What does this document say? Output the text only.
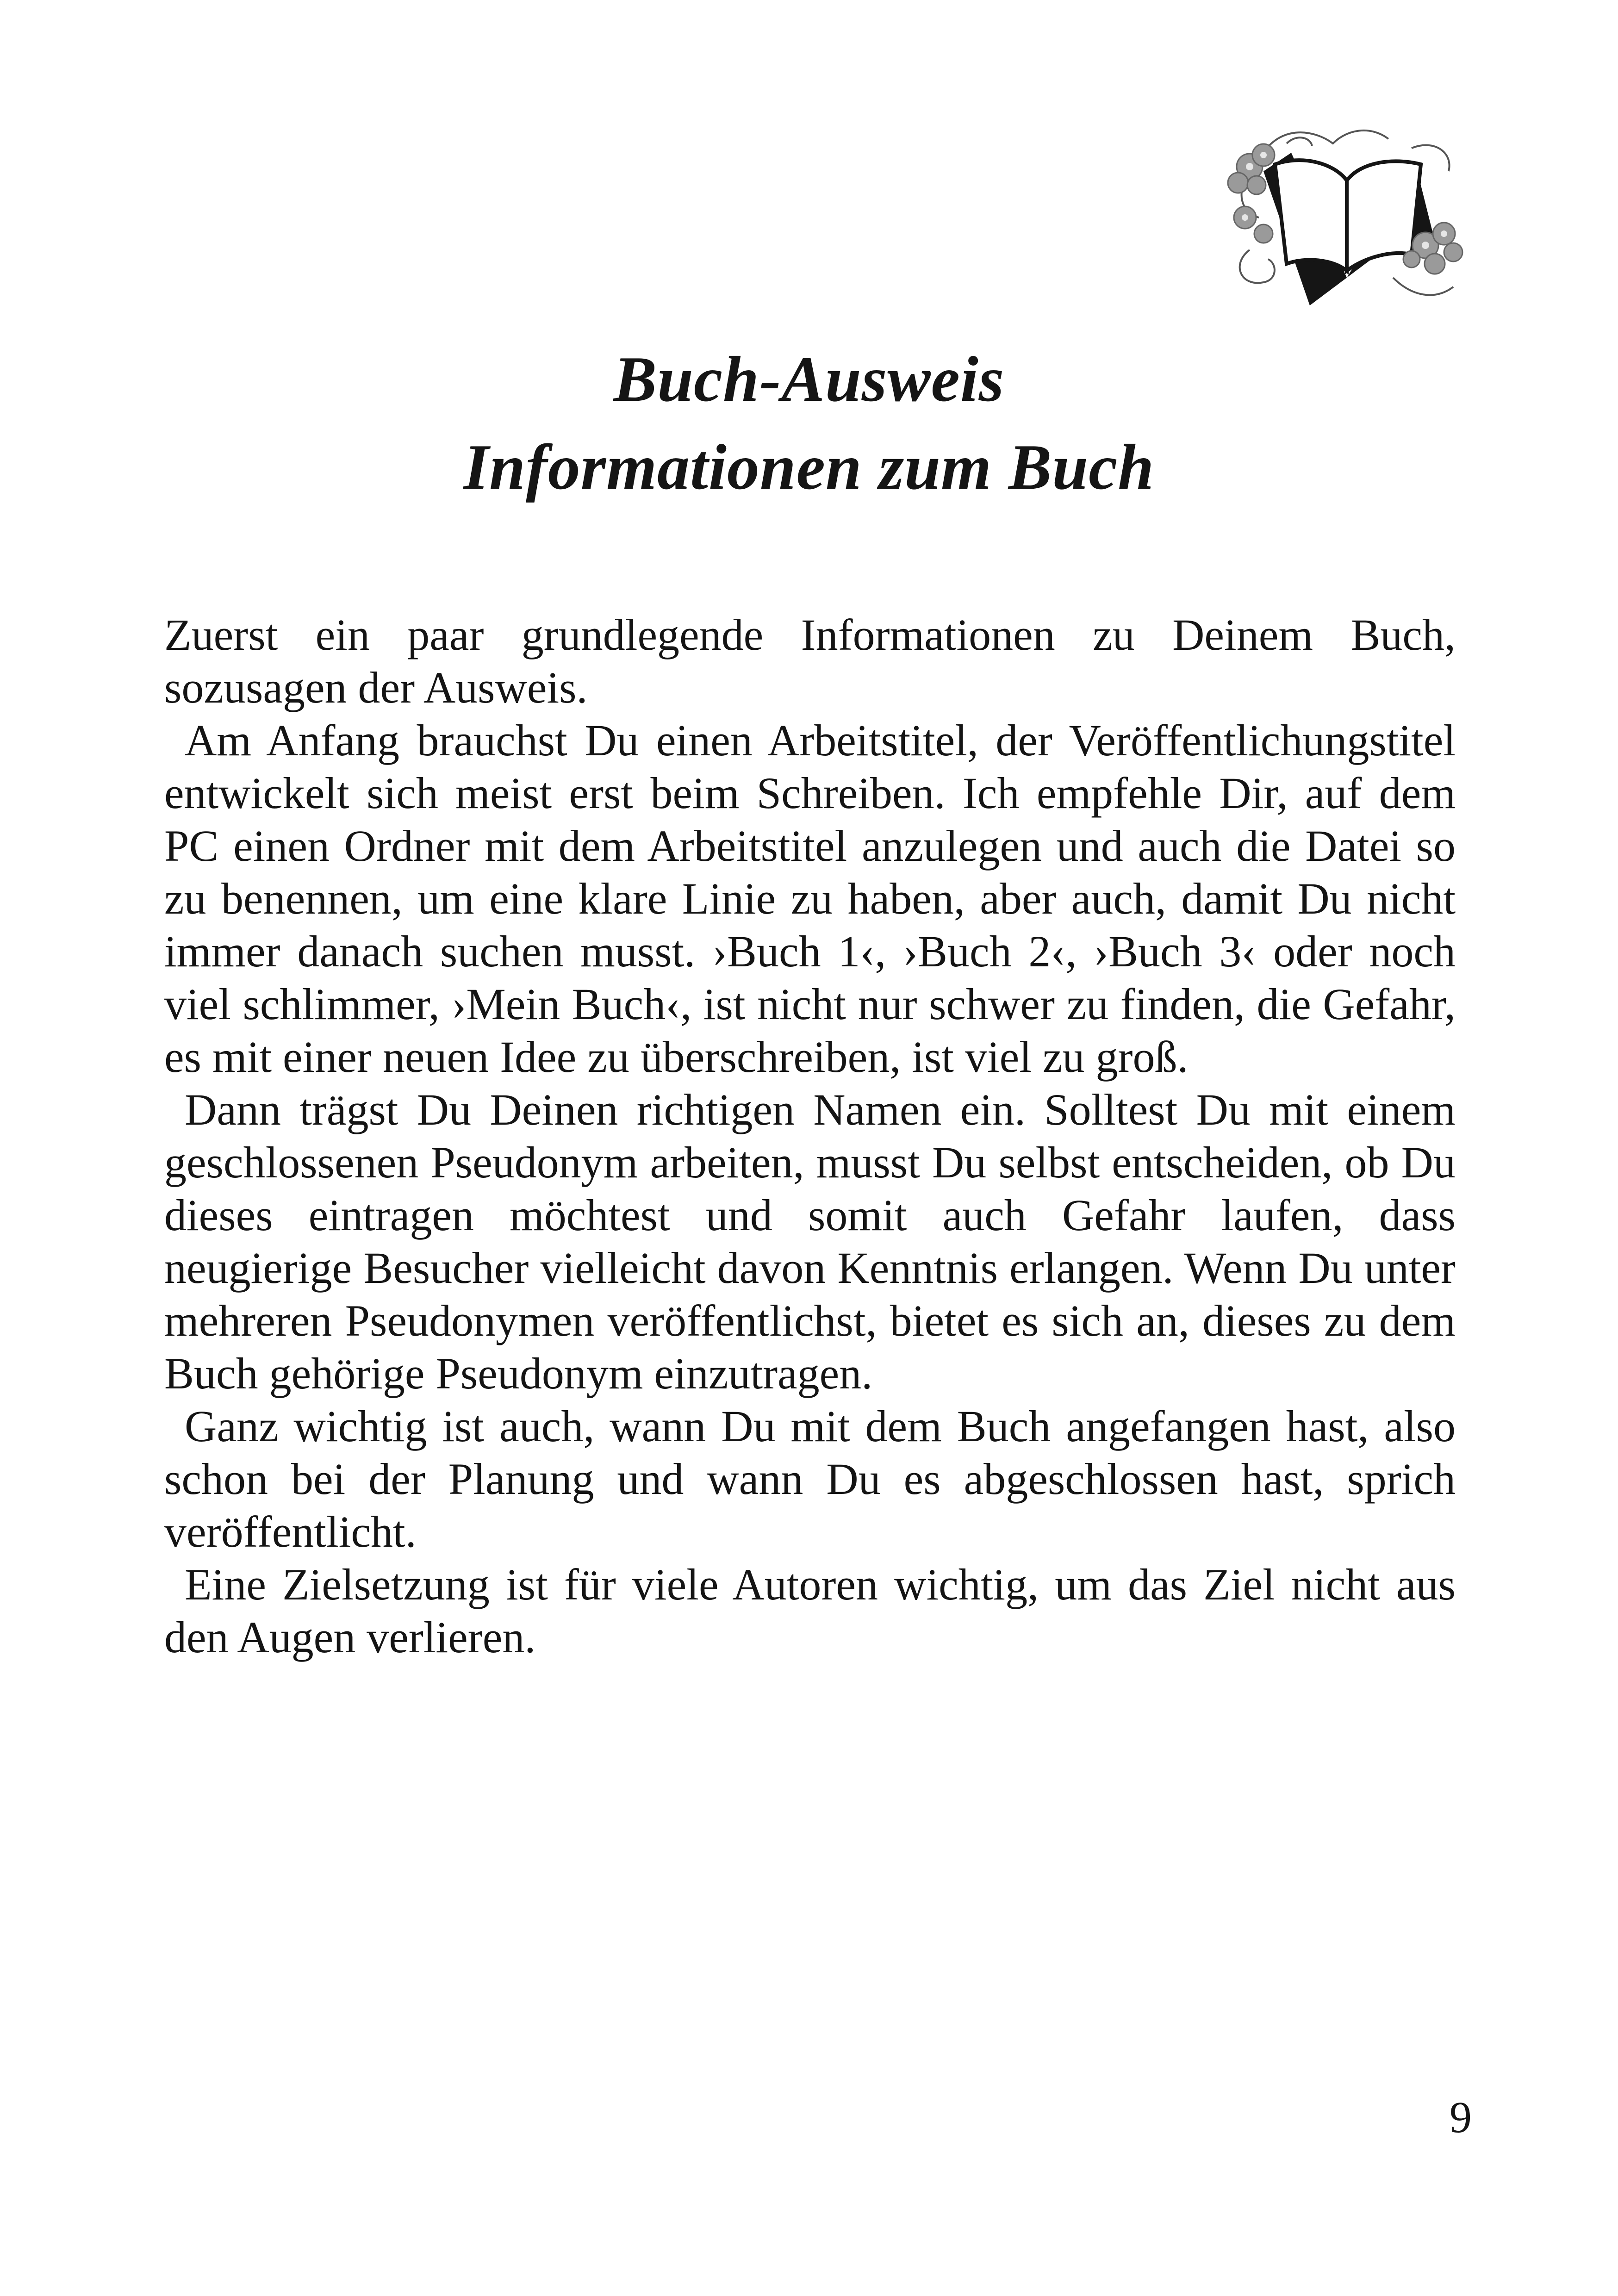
Buch-Ausweis
Informationen zum Buch

Zuerst ein paar grundlegende Informationen zu Deinem Buch, sozusagen der Ausweis.

Am Anfang brauchst Du einen Arbeitstitel, der Veröffentlichungstitel entwickelt sich meist erst beim Schreiben. Ich empfehle Dir, auf dem PC einen Ordner mit dem Arbeitstitel anzulegen und auch die Datei so zu benennen, um eine klare Linie zu haben, aber auch, damit Du nicht immer danach suchen musst. ›Buch 1‹, ›Buch 2‹, ›Buch 3‹ oder noch viel schlimmer, ›Mein Buch‹, ist nicht nur schwer zu finden, die Gefahr, es mit einer neuen Idee zu überschreiben, ist viel zu groß.

Dann trägst Du Deinen richtigen Namen ein. Solltest Du mit einem geschlossenen Pseudonym arbeiten, musst Du selbst entscheiden, ob Du dieses eintragen möchtest und somit auch Gefahr laufen, dass neugierige Besucher vielleicht davon Kenntnis erlangen. Wenn Du unter mehreren Pseudonymen veröffentlichst, bietet es sich an, dieses zu dem Buch gehörige Pseudonym einzutragen.

Ganz wichtig ist auch, wann Du mit dem Buch angefangen hast, also schon bei der Planung und wann Du es abgeschlossen hast, sprich veröffentlicht.

Eine Zielsetzung ist für viele Autoren wichtig, um das Ziel nicht aus den Augen verlieren.

9
